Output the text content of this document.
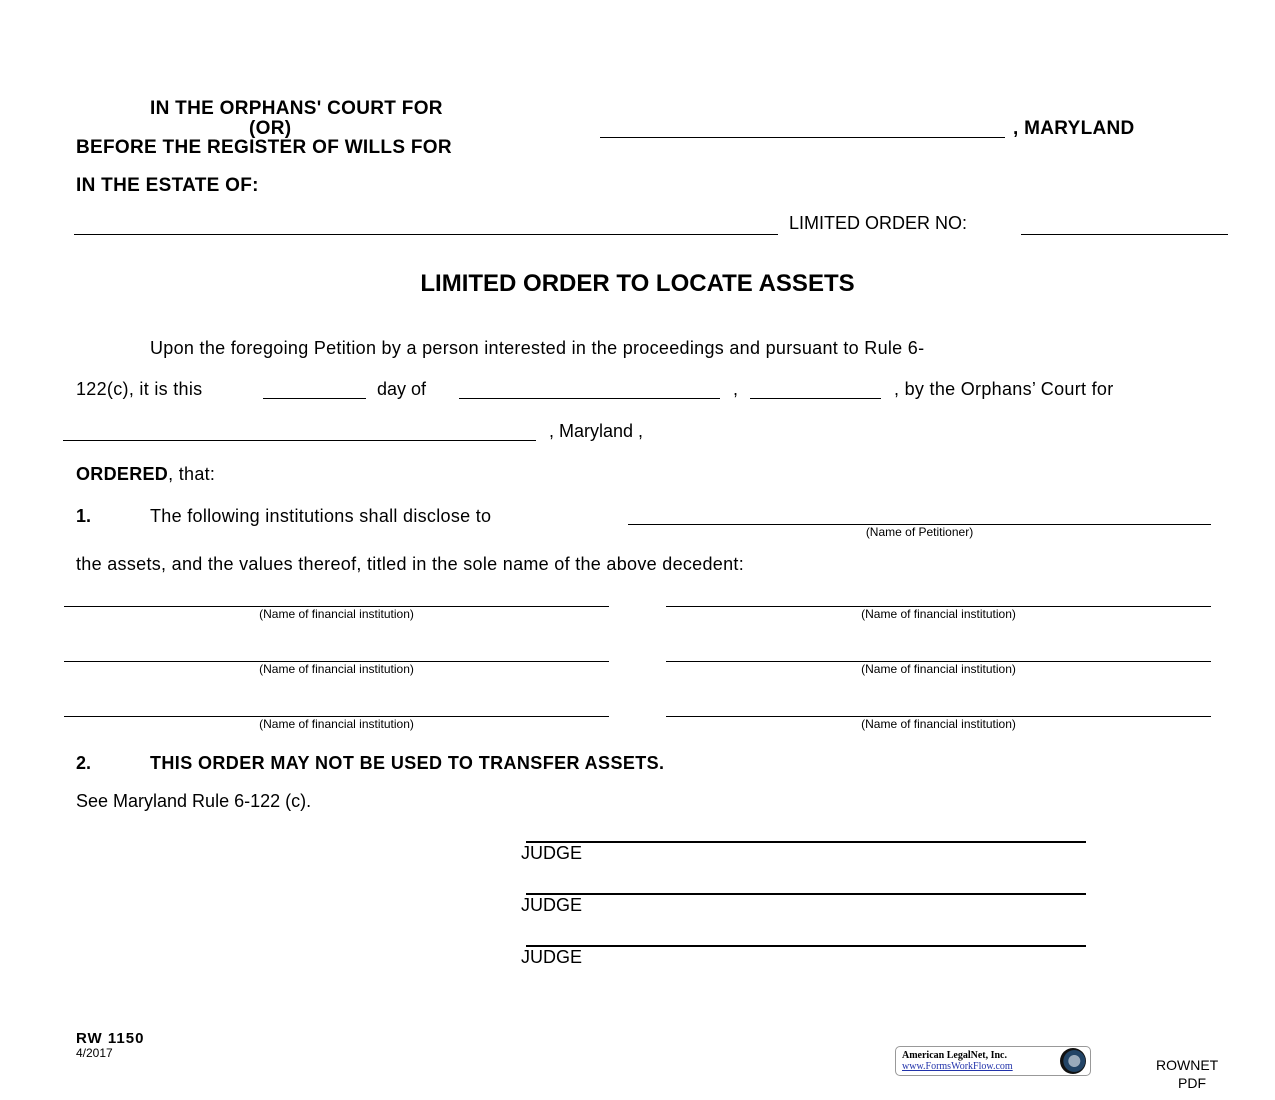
IN THE ORPHANS' COURT FOR
(OR)
BEFORE THE REGISTER OF WILLS FOR
, MARYLAND
IN THE ESTATE OF:
LIMITED ORDER NO:
LIMITED ORDER TO LOCATE ASSETS
Upon the foregoing Petition by a person interested in the proceedings and pursuant to Rule 6-
122(c), it is this	day of	,	, by the Orphans’ Court for
, Maryland ,
ORDERED, that:
1.	The following institutions shall disclose to
(Name of Petitioner)
the assets, and the values thereof, titled in the sole name of the above decedent:
(Name of financial institution)	(Name of financial institution)
(Name of financial institution)	(Name of financial institution)
(Name of financial institution)	(Name of financial institution)
2.	THIS ORDER MAY NOT BE USED TO TRANSFER ASSETS.
See Maryland Rule 6-122 (c).
JUDGE
JUDGE
JUDGE
RW 1150
4/2017	American LegalNet, Inc.
www.FormsWorkFlow.com	ROWNET
PDF
